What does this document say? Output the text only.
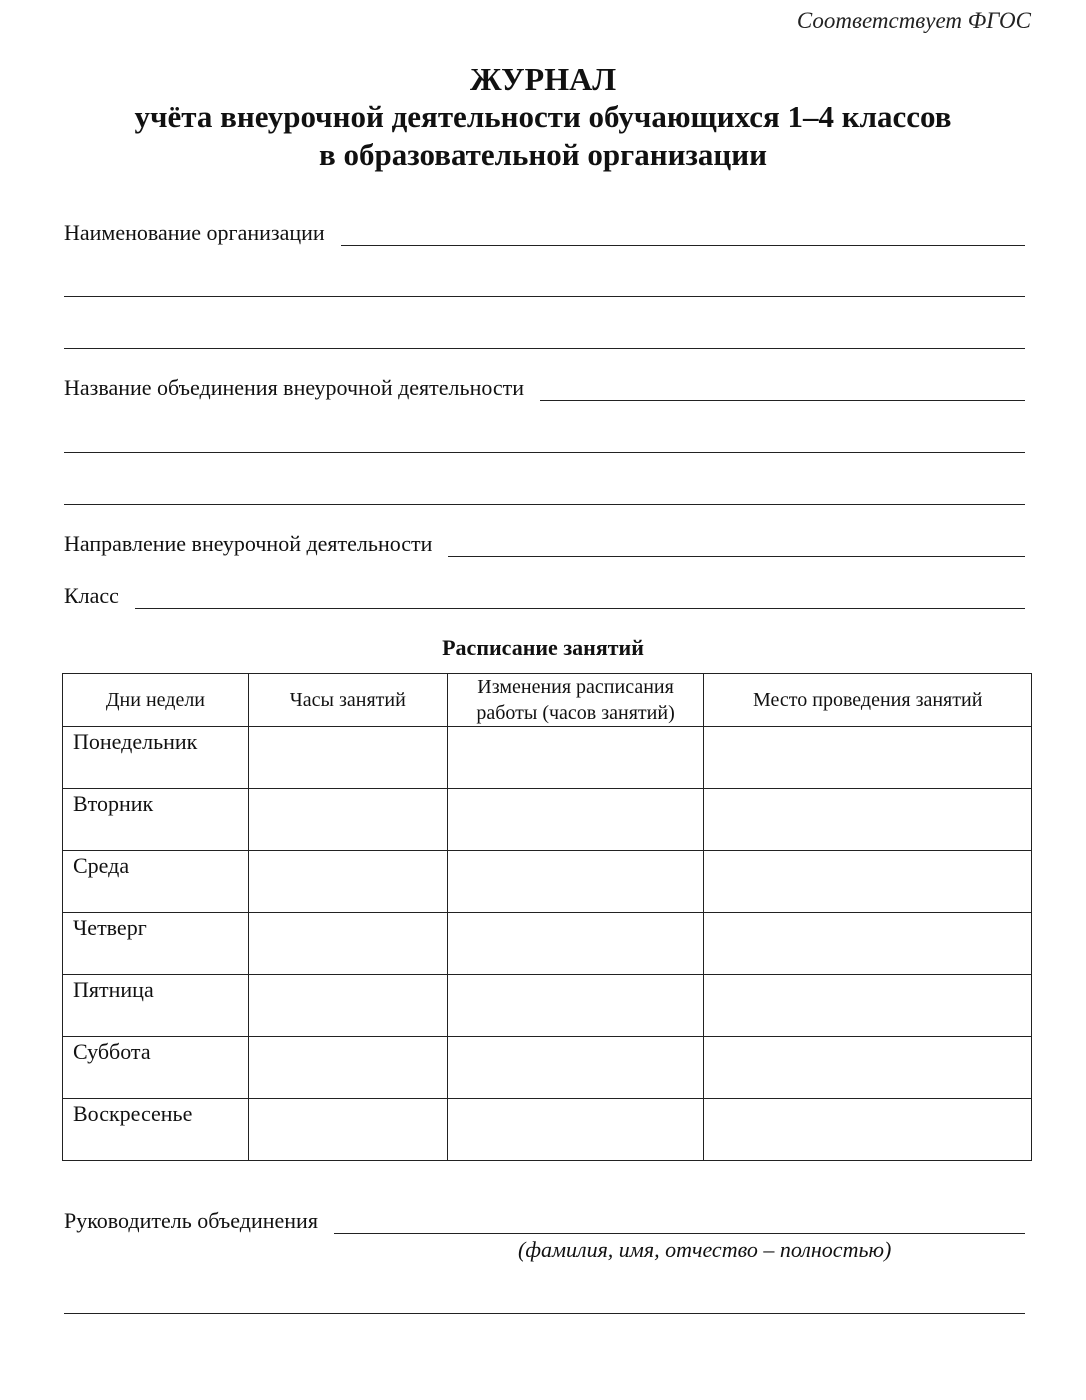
Соответствует ФГОС
ЖУРНАЛ
учёта внеурочной деятельности обучающихся 1–4 классов
в образовательной организации
Наименование организации
Название объединения внеурочной деятельности
Направление внеурочной деятельности
Класс
Расписание занятий
Дни недели	Часы занятий	Изменения расписания работы (часов занятий)	Место проведения занятий
Понедельник			
Вторник			
Среда			
Четверг			
Пятница			
Суббота			
Воскресенье			
Руководитель объединения
(фамилия, имя, отчество – полностью)
